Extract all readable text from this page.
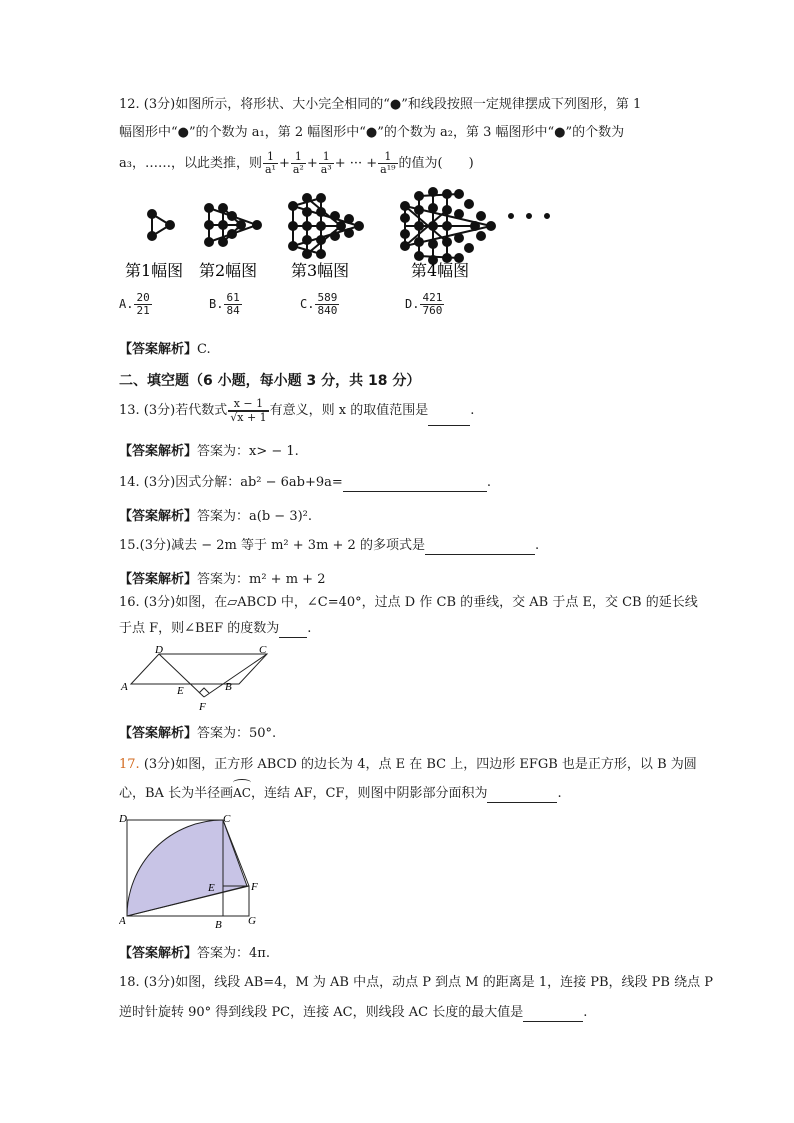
12. (3分)如图所示，将形状、大小完全相同的“●”和线段按照一定规律摆成下列图形，第 1
幅图形中“●”的个数为 a₁，第 2 幅图形中“●”的个数为 a₂，第 3 幅图形中“●”的个数为
a₃，……，以此类推，则 $\frac{1}{\text{a¹}} + \frac{1}{\text{a²}} + \frac{1}{\text{a³}}$ + ··· + $\frac{1}{\text{a¹⁹}}$ 的值为(　　)
第1幅图 第2幅图 第3幅图	第4幅图
A. $\frac{20}{21}$	B. $\frac{61}{84}$	C. $\frac{589}{840}$	D. $\frac{421}{760}$
【答案解析】C.
二、填空题（6 小题，每小题 3 分，共 18 分）
13. (3分)若代数式 $\frac{x - 1}{√x + 1}$ 有意义，则 x 的取值范围是	.
【答案解析】答案为：x> − 1.
14. (3分)因式分解：ab² − 6ab+9a=	.
【答案解析】答案为：a(b − 3)².
15.(3分)减去 − 2m 等于 m² + 3m + 2 的多项式是	.
【答案解析】答案为：m² + m + 2
16. (3分)如图，在▱ABCD 中，∠C=40°，过点 D 作 CB 的垂线，交 AB 于点 E，交 CB 的延长线
于点 F，则∠BEF 的度数为 .
D	C
A	E	B
F
【答案解析】答案为：50°.
17. (3分)如图，正方形 ABCD 的边长为 4，点 E 在 BC 上，四边形 EFGB 也是正方形，以 B 为圆
心，BA 长为半径画
AC，连结 AF，CF，则图中阴影部分面积为	.
D	C
E	F
A	B G
【答案解析】答案为：4π.
18. (3分)如图，线段 AB=4，M 为 AB 中点，动点 P 到点 M 的距离是 1，连接 PB，线段 PB 绕点 P
逆时针旋转 90° 得到线段 PC，连接 AC，则线段 AC 长度的最大值是	.
